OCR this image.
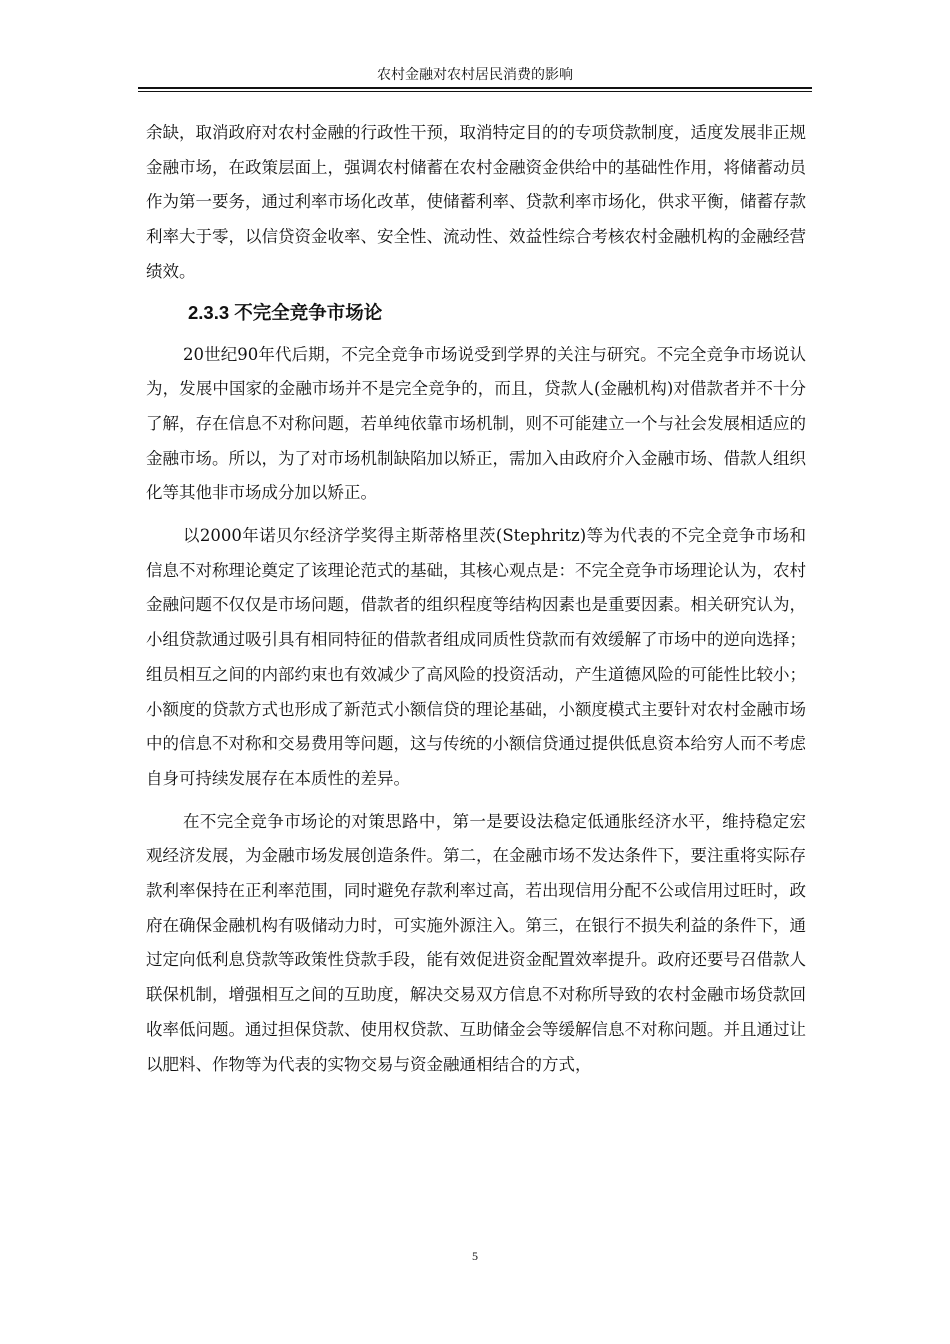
农村金融对农村居民消费的影响

余缺，取消政府对农村金融的行政性干预，取消特定目的的专项贷款制度，适度发展非正规金融市场，在政策层面上，强调农村储蓄在农村金融资金供给中的基础性作用，将储蓄动员作为第一要务，通过利率市场化改革，使储蓄利率、贷款利率市场化，供求平衡，储蓄存款利率大于零，以信贷资金收率、安全性、流动性、效益性综合考核农村金融机构的金融经营绩效。

2.3.3 不完全竞争市场论

20世纪90年代后期，不完全竞争市场说受到学界的关注与研究。不完全竞争市场说认为，发展中国家的金融市场并不是完全竞争的，而且，贷款人(金融机构)对借款者并不十分了解，存在信息不对称问题，若单纯依靠市场机制，则不可能建立一个与社会发展相适应的金融市场。所以，为了对市场机制缺陷加以矫正，需加入由政府介入金融市场、借款人组织化等其他非市场成分加以矫正。

以2000年诺贝尔经济学奖得主斯蒂格里茨(Stephritz)等为代表的不完全竞争市场和信息不对称理论奠定了该理论范式的基础，其核心观点是：不完全竞争市场理论认为，农村金融问题不仅仅是市场问题，借款者的组织程度等结构因素也是重要因素。相关研究认为，小组贷款通过吸引具有相同特征的借款者组成同质性贷款而有效缓解了市场中的逆向选择；组员相互之间的内部约束也有效减少了高风险的投资活动，产生道德风险的可能性比较小；小额度的贷款方式也形成了新范式小额信贷的理论基础，小额度模式主要针对农村金融市场中的信息不对称和交易费用等问题，这与传统的小额信贷通过提供低息资本给穷人而不考虑自身可持续发展存在本质性的差异。

在不完全竞争市场论的对策思路中，第一是要设法稳定低通胀经济水平，维持稳定宏观经济发展，为金融市场发展创造条件。第二，在金融市场不发达条件下，要注重将实际存款利率保持在正利率范围，同时避免存款利率过高，若出现信用分配不公或信用过旺时，政府在确保金融机构有吸储动力时，可实施外源注入。第三，在银行不损失利益的条件下，通过定向低利息贷款等政策性贷款手段，能有效促进资金配置效率提升。政府还要号召借款人联保机制，增强相互之间的互助度，解决交易双方信息不对称所导致的农村金融市场贷款回收率低问题。通过担保贷款、使用权贷款、互助储金会等缓解信息不对称问题。并且通过让以肥料、作物等为代表的实物交易与资金融通相结合的方式，

5
